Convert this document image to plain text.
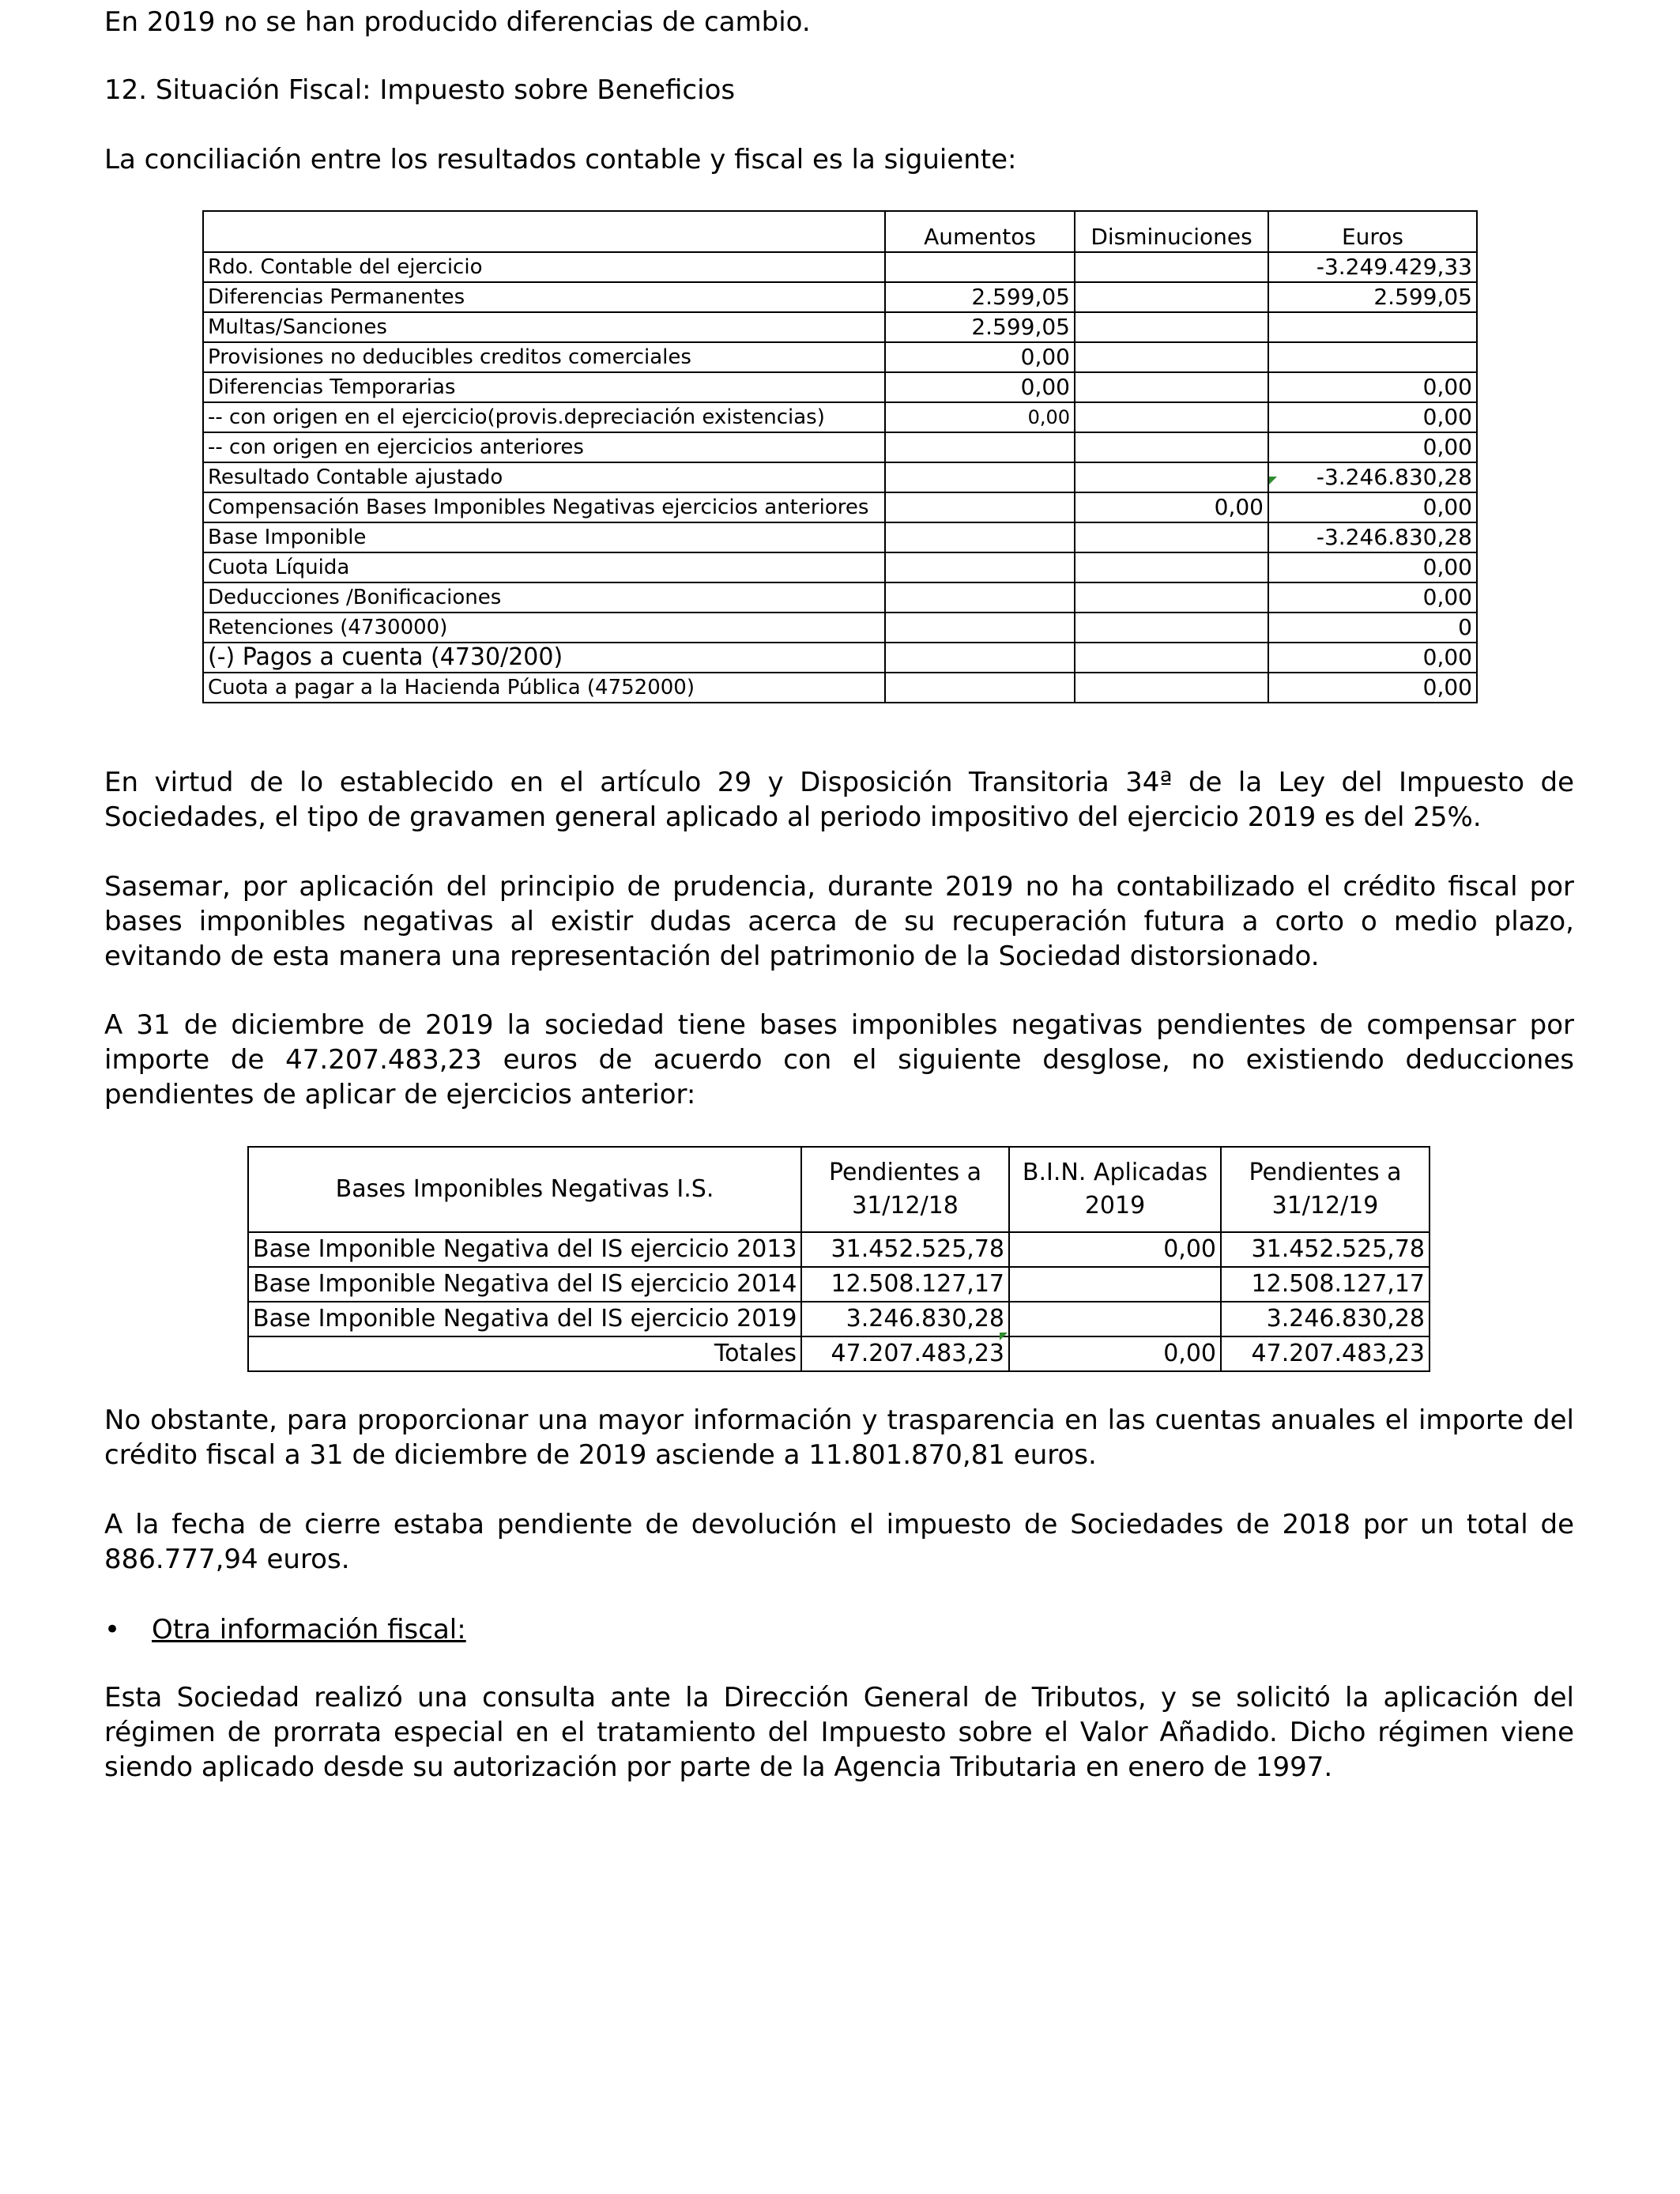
En 2019 no se han producido diferencias de cambio.

12. Situación Fiscal: Impuesto sobre Beneficios

La conciliación entre los resultados contable y fiscal es la siguiente:

	Aumentos	Disminuciones	Euros
Rdo. Contable del ejercicio			-3.249.429,33
Diferencias Permanentes	2.599,05		2.599,05
Multas/Sanciones	2.599,05		
Provisiones no deducibles creditos comerciales	0,00		
Diferencias Temporarias	0,00		0,00
-- con origen en el ejercicio(provis.depreciación existencias)	0,00		0,00
-- con origen en ejercicios anteriores			0,00
Resultado Contable ajustado			-3.246.830,28
Compensación Bases Imponibles Negativas ejercicios anteriores		0,00	0,00
Base Imponible			-3.246.830,28
Cuota Líquida			0,00
Deducciones /Bonificaciones			0,00
Retenciones (4730000)			0
(-) Pagos a cuenta (4730/200)			0,00
Cuota a pagar a la Hacienda Pública (4752000)			0,00

En virtud de lo establecido en el artículo 29 y Disposición Transitoria 34ª de la Ley del Impuesto de Sociedades, el tipo de gravamen general aplicado al periodo impositivo del ejercicio 2019 es del 25%.

Sasemar, por aplicación del principio de prudencia, durante 2019 no ha contabilizado el crédito fiscal por bases imponibles negativas al existir dudas acerca de su recuperación futura a corto o medio plazo, evitando de esta manera una representación del patrimonio de la Sociedad distorsionado.

A 31 de diciembre de 2019 la sociedad tiene bases imponibles negativas pendientes de compensar por importe de 47.207.483,23 euros de acuerdo con el siguiente desglose, no existiendo deducciones pendientes de aplicar de ejercicios anterior:

Bases Imponibles Negativas I.S.	Pendientes a 31/12/18	B.I.N. Aplicadas 2019	Pendientes a 31/12/19
Base Imponible Negativa del IS ejercicio 2013	31.452.525,78	0,00	31.452.525,78
Base Imponible Negativa del IS ejercicio 2014	12.508.127,17		12.508.127,17
Base Imponible Negativa del IS ejercicio 2019	3.246.830,28		3.246.830,28
Totales	47.207.483,23	0,00	47.207.483,23

No obstante, para proporcionar una mayor información y trasparencia en las cuentas anuales el importe del crédito fiscal a 31 de diciembre de 2019 asciende a 11.801.870,81 euros.

A la fecha de cierre estaba pendiente de devolución el impuesto de Sociedades de 2018 por un total de 886.777,94 euros.

• Otra información fiscal:

Esta Sociedad realizó una consulta ante la Dirección General de Tributos, y se solicitó la aplicación del régimen de prorrata especial en el tratamiento del Impuesto sobre el Valor Añadido. Dicho régimen viene siendo aplicado desde su autorización por parte de la Agencia Tributaria en enero de 1997.
